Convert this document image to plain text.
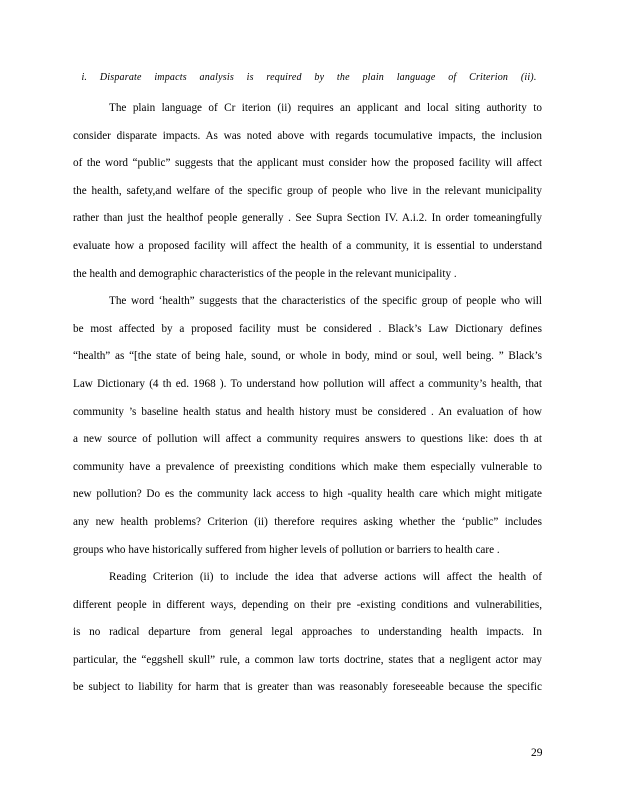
i. Disparate impacts analysis is required by the plain language of Criterion (ii).
The plain language of Cr iterion (ii) requires an applicant and local siting authority to
consider disparate impacts. As was noted above with regards tocumulative impacts, the inclusion
of the word “public” suggests that the applicant must consider how the proposed facility will affect
the health, safety,and welfare of the specific group of people who live in the relevant municipality
rather than just the healthof people generally . See Supra Section IV. A.i.2. In order tomeaningfully
evaluate how a proposed facility will affect the health of a community, it is essential to understand
the health and demographic characteristics of the people in the relevant municipality .
The word ‘health” suggests that the characteristics of the specific group of people who will
be most affected by a proposed facility must be considered . Black’s Law Dictionary defines
“health” as “[the state of being hale, sound, or whole in body, mind or soul, well being. ” Black’s
Law Dictionary (4 th ed. 1968 ). To understand how pollution will affect a community’s health, that
community ’s baseline health status and health history must be considered . An evaluation of how
a new source of pollution will affect a community requires answers to questions like: does th at
community have a prevalence of preexisting conditions which make them especially vulnerable to
new pollution? Do es the community lack access to high -quality health care which might mitigate
any new health problems? Criterion (ii) therefore requires asking whether the ‘public” includes
groups who have historically suffered from higher levels of pollution or barriers to health care .
Reading Criterion (ii) to include the idea that adverse actions will affect the health of
different people in different ways, depending on their pre -existing conditions and vulnerabilities,
is no radical departure from general legal approaches to understanding health impacts. In
particular, the “eggshell skull” rule, a common law torts doctrine, states that a negligent actor may
be subject to liability for harm that is greater than was reasonably foreseeable because the specific
29
